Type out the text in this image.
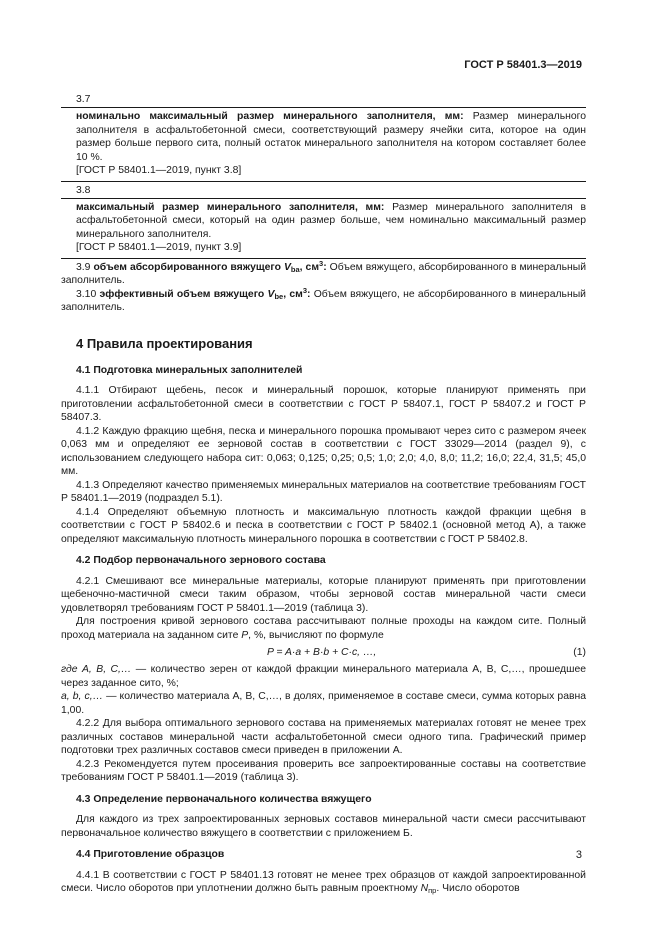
ГОСТ Р 58401.3—2019
3.7

номинально максимальный размер минерального заполнителя, мм: Размер минерального заполнителя в асфальтобетонной смеси, соответствующий размеру ячейки сита, которое на один размер больше первого сита, полный остаток минерального заполнителя на котором составляет более 10 %.

[ГОСТ Р 58401.1—2019, пункт 3.8]

3.8

максимальный размер минерального заполнителя, мм: Размер минерального заполнителя в асфальтобетонной смеси, который на один размер больше, чем номинально максимальный размер минерального заполнителя.

[ГОСТ Р 58401.1—2019, пункт 3.9]

3.9 объем абсорбированного вяжущего $V_{ba}$, $см^3$: Объем вяжущего, абсорбированного в минеральный заполнитель.

3.10 эффективный объем вяжущего $V_{be}$, $см^3$: Объем вяжущего, не абсорбированного в минеральный заполнитель.

4 Правила проектирования
4.1 Подготовка минеральных заполнителей

4.1.1 Отбирают щебень, песок и минеральный порошок, которые планируют применять при приготовлении асфальтобетонной смеси в соответствии с ГОСТ Р 58407.1, ГОСТ Р 58407.2 и ГОСТ Р 58407.3.

4.1.2 Каждую фракцию щебня, песка и минерального порошка промывают через сито с размером ячеек 0,063 мм и определяют ее зерновой состав в соответствии с ГОСТ 33029—2014 (раздел 9), с использованием следующего набора сит: 0,063; 0,125; 0,25; 0,5; 1,0; 2,0; 4,0, 8,0; 11,2; 16,0; 22,4, 31,5; 45,0 мм.

4.1.3 Определяют качество применяемых минеральных материалов на соответствие требованиям ГОСТ Р 58401.1—2019 (подраздел 5.1).

4.1.4 Определяют объемную плотность и максимальную плотность каждой фракции щебня в соответствии с ГОСТ Р 58402.6 и песка в соответствии с ГОСТ Р 58402.1 (основной метод А), а также определяют максимальную плотность минерального порошка в соответствии с ГОСТ Р 58402.8.

4.2 Подбор первоначального зернового состава

4.2.1 Смешивают все минеральные материалы, которые планируют применять при приготовлении щебеночно-мастичной смеси таким образом, чтобы зерновой состав минеральной части смеси удовлетворял требованиям ГОСТ Р 58401.1—2019 (таблица 3).

Для построения кривой зернового состава рассчитывают полные проходы на каждом сите. Полный проход материала на заданном сите P, %, вычисляют по формуле

P = A·a + B·b + C·c, …,	(1)

где A, B, C,… — количество зерен от каждой фракции минерального материала A, B, C,…, прошедшее через заданное сито, %;

a, b, c,… — количество материала A, B, C,…, в долях, применяемое в составе смеси, сумма которых равна 1,00.

4.2.2 Для выбора оптимального зернового состава на применяемых материалах готовят не менее трех различных составов минеральной части асфальтобетонной смеси одного типа. Графический пример подготовки трех различных составов смеси приведен в приложении А.

4.2.3 Рекомендуется путем просеивания проверить все запроектированные составы на соответствие требованиям ГОСТ Р 58401.1—2019 (таблица 3).

4.3 Определение первоначального количества вяжущего

Для каждого из трех запроектированных зерновых составов минеральной части смеси рассчитывают первоначальное количество вяжущего в соответствии с приложением Б.

4.4 Приготовление образцов

4.4.1 В соответствии с ГОСТ Р 58401.13 готовят не менее трех образцов от каждой запроектированной смеси. Число оборотов при уплотнении должно быть равным проектному $N_{пр}$. Число оборотов

3
